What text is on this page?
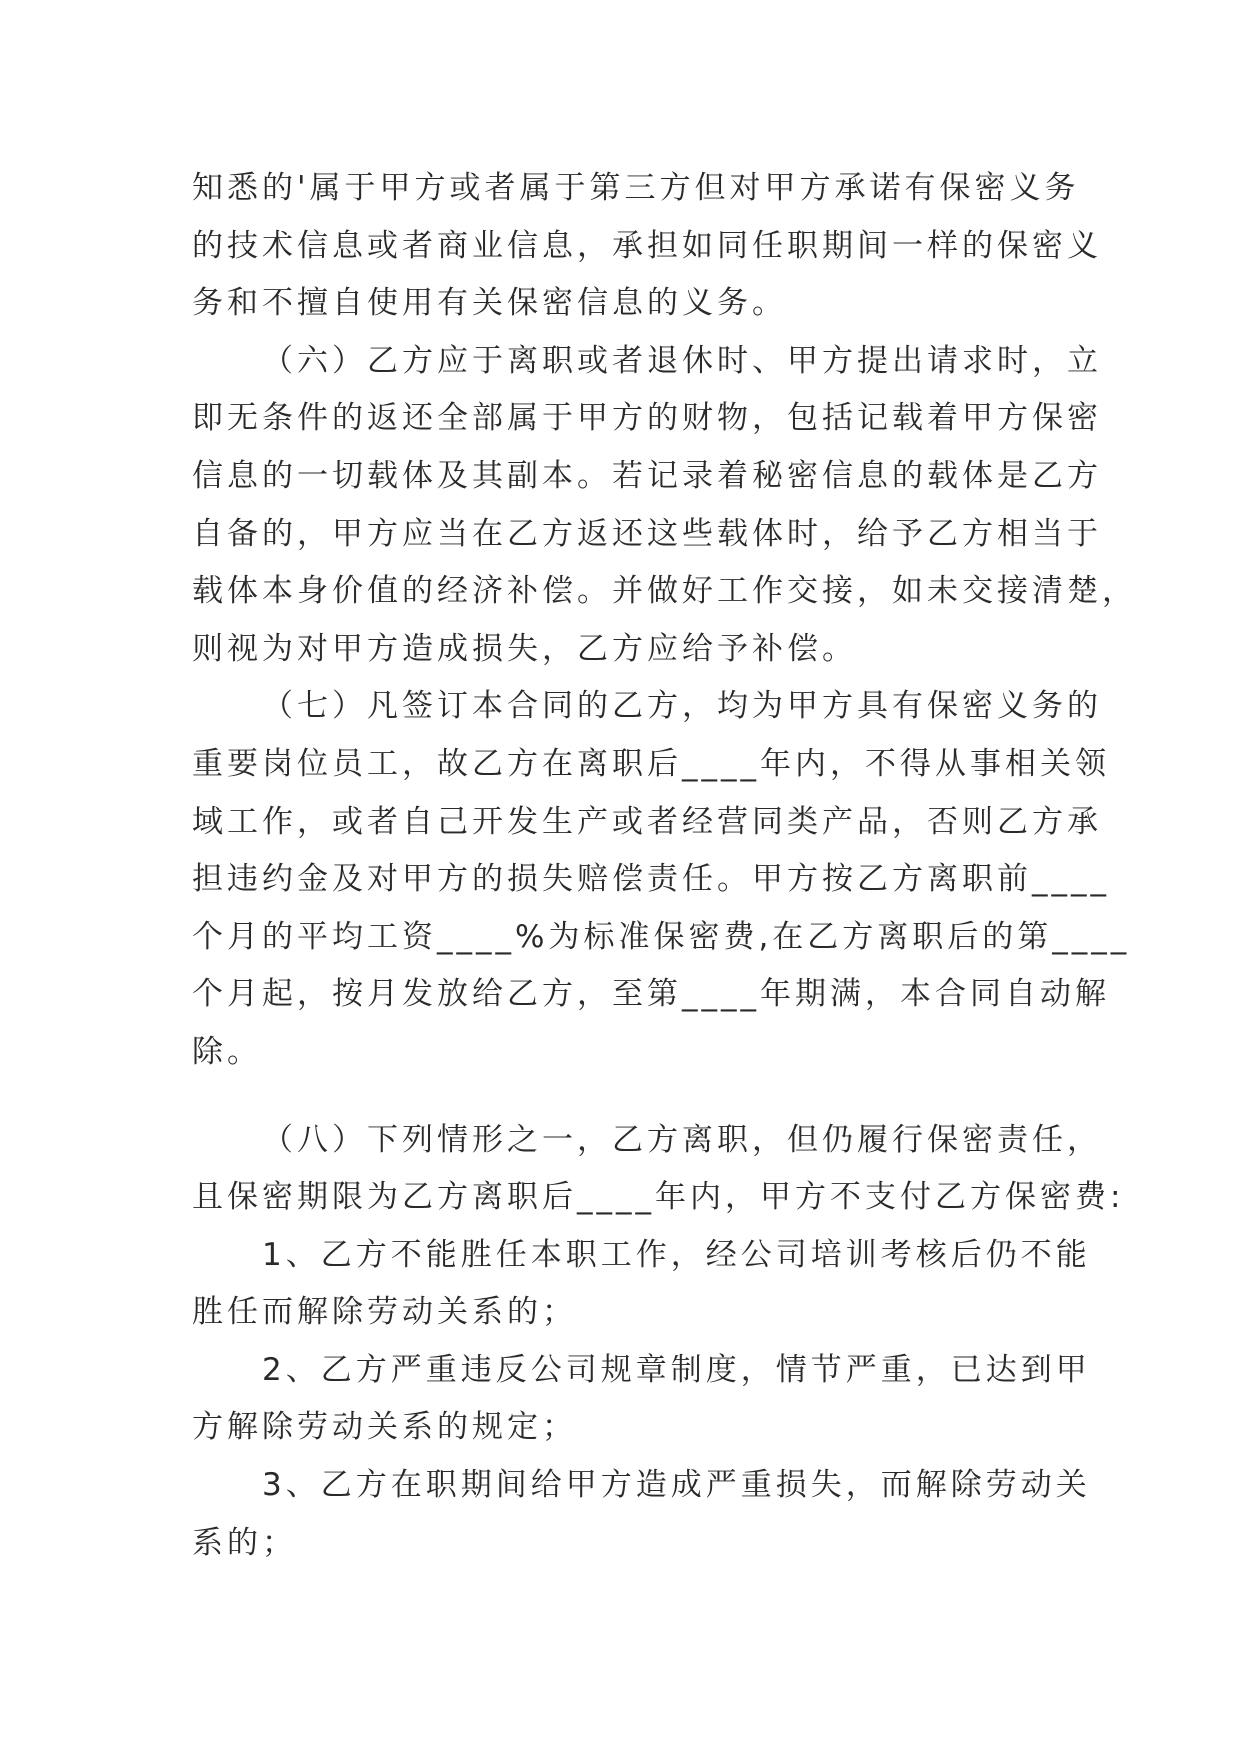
知悉的'属于甲方或者属于第三方但对甲方承诺有保密义务
的技术信息或者商业信息，承担如同任职期间一样的保密义
务和不擅自使用有关保密信息的义务。
（六）乙方应于离职或者退休时、甲方提出请求时，立
即无条件的返还全部属于甲方的财物，包括记载着甲方保密
信息的一切载体及其副本。若记录着秘密信息的载体是乙方
自备的，甲方应当在乙方返还这些载体时，给予乙方相当于
载体本身价值的经济补偿。并做好工作交接，如未交接清楚，
则视为对甲方造成损失，乙方应给予补偿。
（七）凡签订本合同的乙方，均为甲方具有保密义务的
重要岗位员工，故乙方在离职后____年内，不得从事相关领
域工作，或者自己开发生产或者经营同类产品，否则乙方承
担违约金及对甲方的损失赔偿责任。甲方按乙方离职前____
个月的平均工资____%为标准保密费,在乙方离职后的第____
个月起，按月发放给乙方，至第____年期满，本合同自动解
除。
（八）下列情形之一，乙方离职，但仍履行保密责任，
且保密期限为乙方离职后____年内，甲方不支付乙方保密费:
1、乙方不能胜任本职工作，经公司培训考核后仍不能
胜任而解除劳动关系的；
2、乙方严重违反公司规章制度，情节严重，已达到甲
方解除劳动关系的规定；
3、乙方在职期间给甲方造成严重损失，而解除劳动关
系的；
